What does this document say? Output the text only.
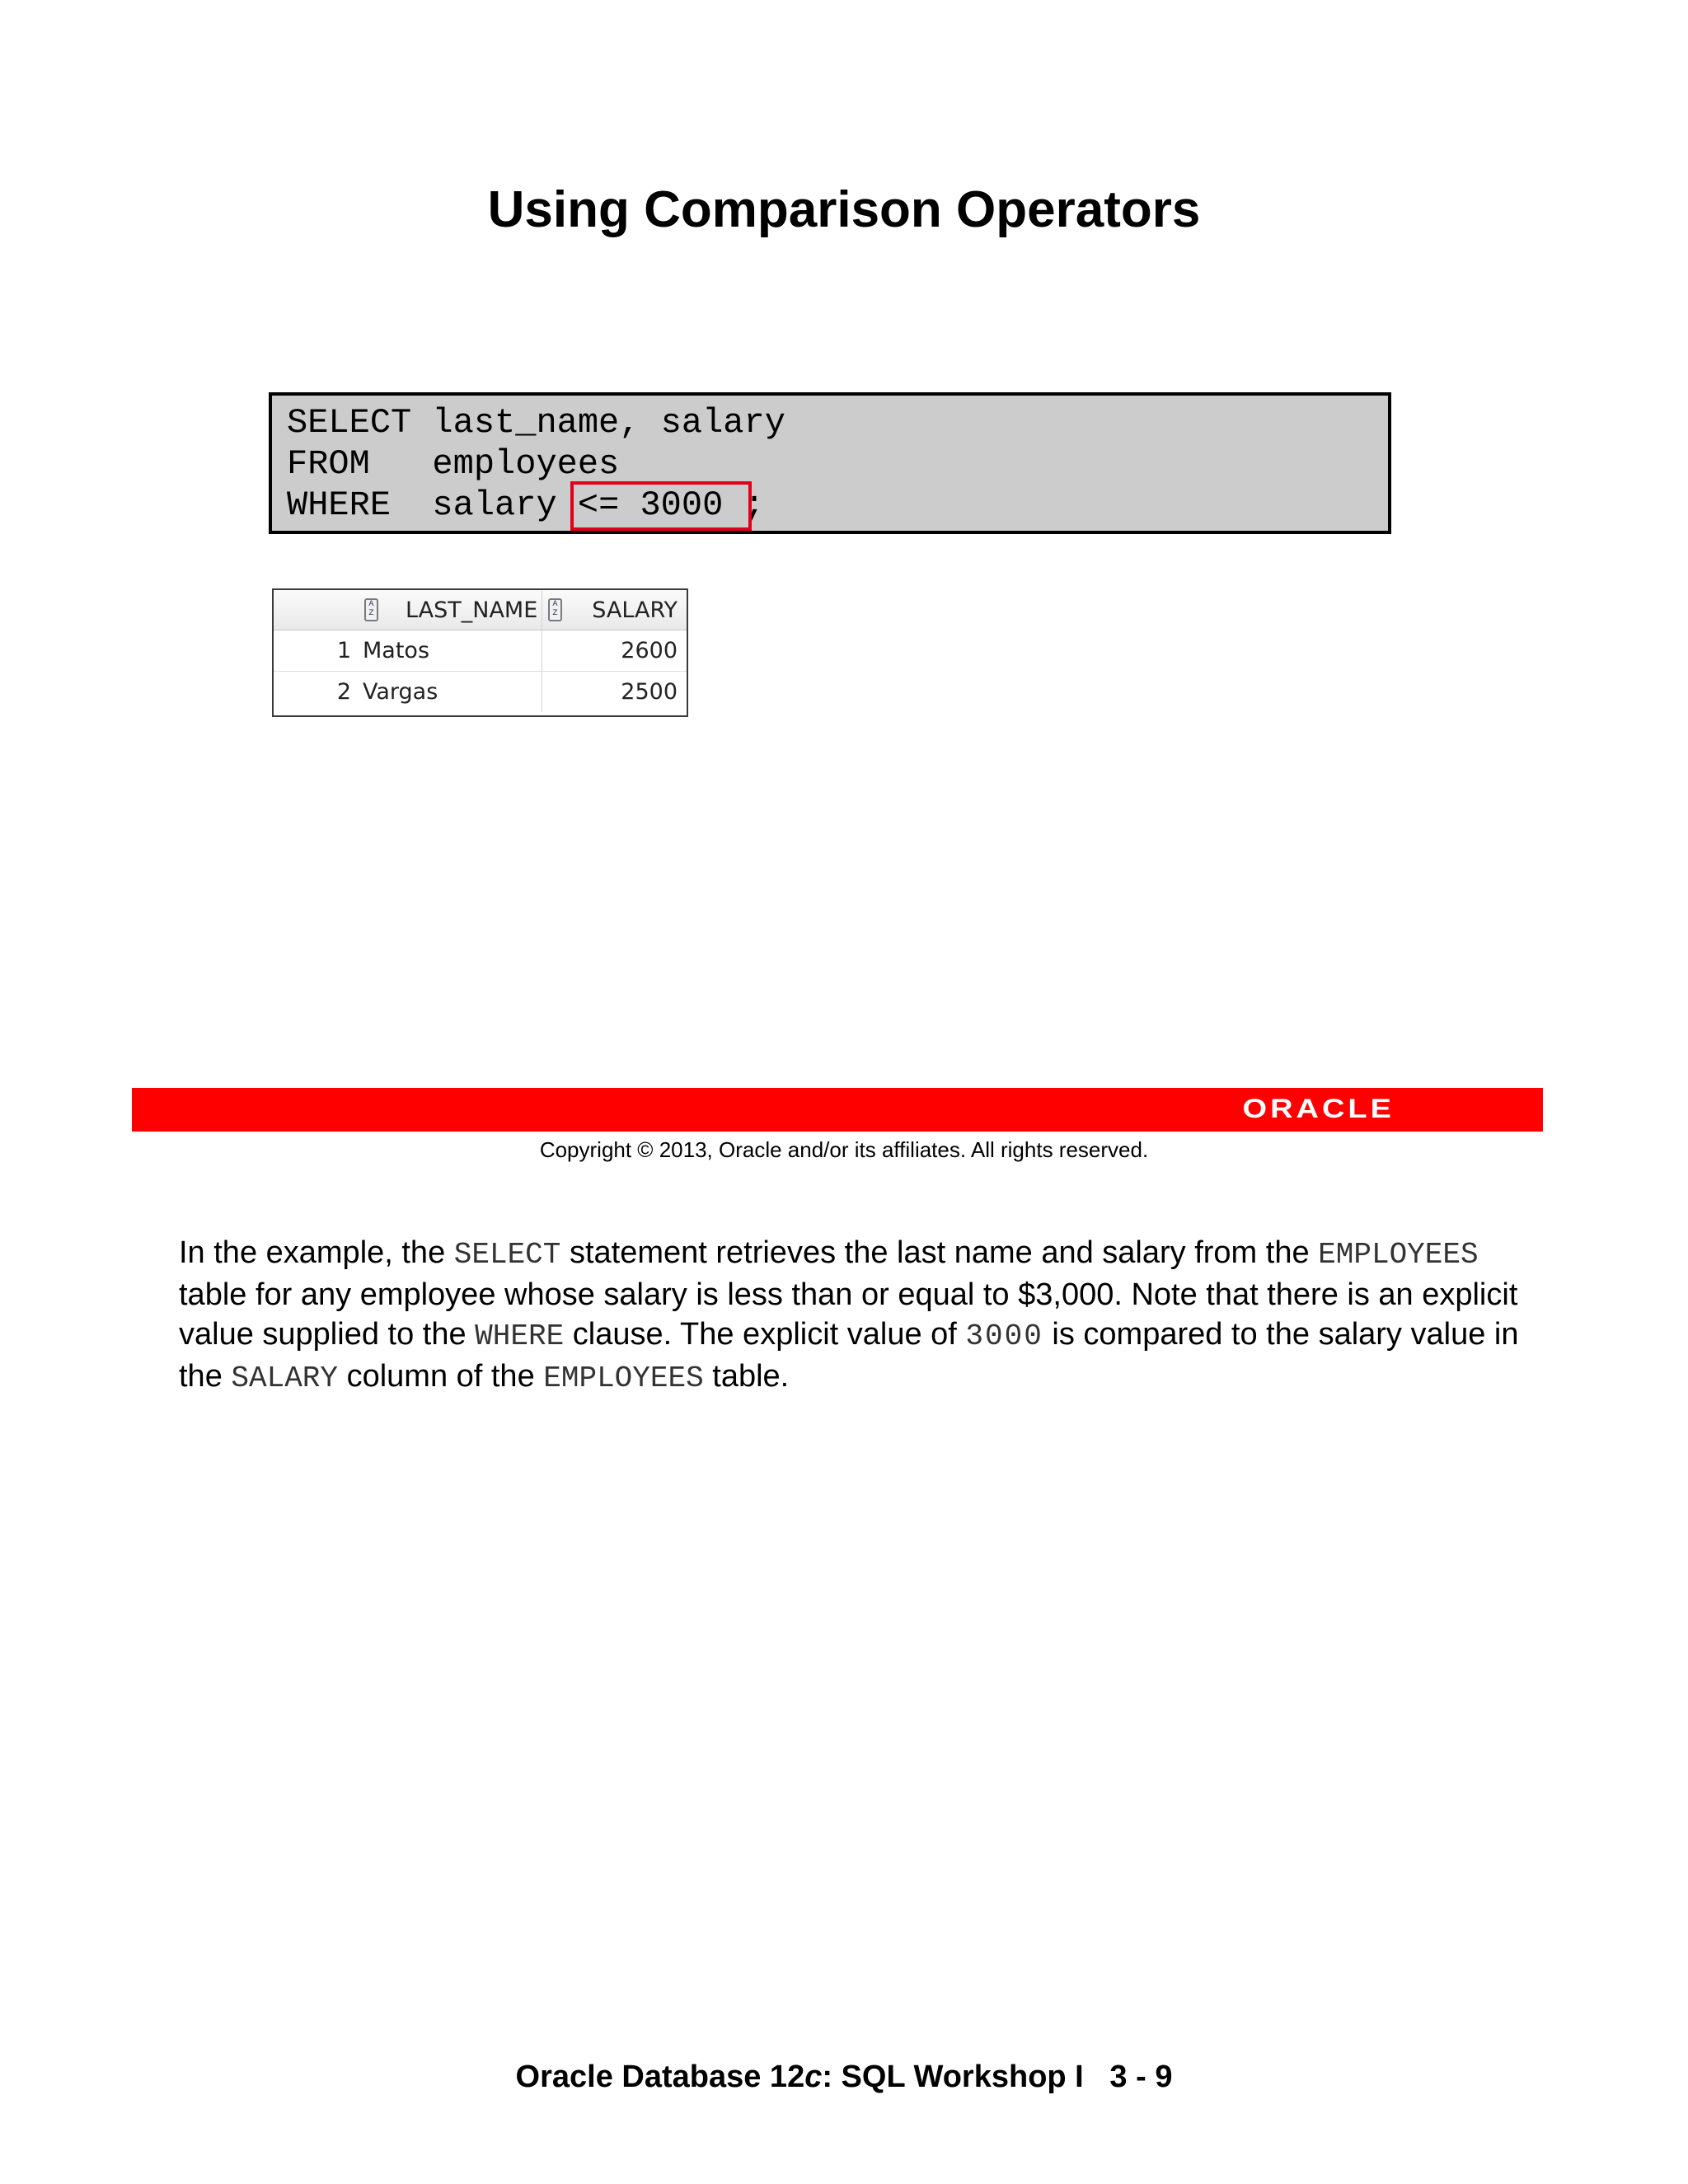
Using Comparison Operators
SELECT last_name, salary
FROM   employees
WHERE  salary <= 3000 ;
A Z LAST_NAME	A Z	SALARY
1 Matos	2600
2 Vargas	2500
ORACLE
Copyright © 2013, Oracle and/or its affiliates. All rights reserved.
In the example, the SELECT statement retrieves the last name and salary from the EMPLOYEES table for any employee whose salary is less than or equal to $3,000. Note that there is an explicit value supplied to the WHERE clause. The explicit value of 3000 is compared to the salary value in the SALARY column of the EMPLOYEES table.
Oracle Database 12c: SQL Workshop I   3 - 9
